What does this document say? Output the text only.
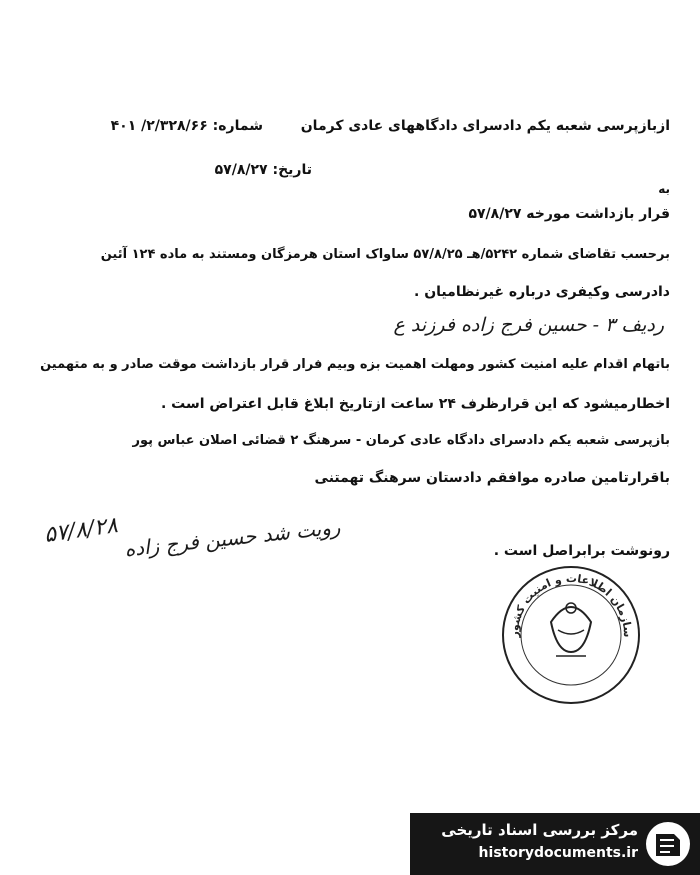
ازبازپرسی شعبه یکم دادسرای دادگاههای عادی کرمان  شماره: ۲/۳۲۸/۶۶/ ۴۰۱
تاریخ: ۵۷/۸/۲۷
به
قرار بازداشت مورخه ۵۷/۸/۲۷
برحسب تقاضای شماره ۵۲۴۲/هـ ۵۷/۸/۲۵ ساواک استان هرمزگان ومستند به ماده ۱۲۴ آئین
دادرسی وکیفری درباره غیرنظامیان .
ردیف ۳ - حسین فرج زاده فرزند ع
باتهام اقدام علیه امنیت کشور ومهلت اهمیت بزه وبیم فرار قرار بازداشت موقت صادر و به متهمین
اخطارمیشود که این قرارظرف ۲۴ ساعت ازتاریخ ابلاغ قابل اعتراض است .
بازپرسی شعبه یکم دادسرای دادگاه عادی کرمان - سرهنگ ۲ قضائی اصلان عباس پور
باقرارتامین صادره موافقم دادستان سرهنگ تهمتنی
رونوشت برابراصل است .
رویت شد حسین فرج زاده
۵۷/۸/۲۸
سازمان اطلاعات و امنیت کشور
مرکز بررسی اسناد تاریخی
historydocuments.ir
